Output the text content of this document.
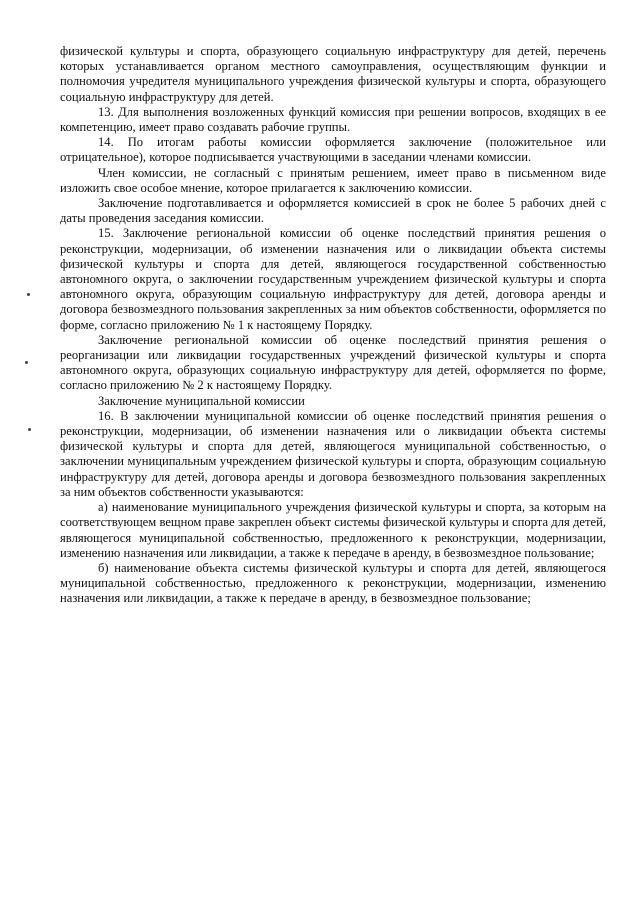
физической культуры и спорта, образующего социальную инфраструктуру для детей, перечень которых устанавливается органом местного самоуправления, осуществляющим функции и полномочия учредителя муниципального учреждения физической культуры и спорта, образующего социальную инфраструктуру для детей.

13. Для выполнения возложенных функций комиссия при решении вопросов, входящих в ее компетенцию, имеет право создавать рабочие группы.

14. По итогам работы комиссии оформляется заключение (положительное или отрицательное), которое подписывается участвующими в заседании членами комиссии.

Член комиссии, не согласный с принятым решением, имеет право в письменном виде изложить свое особое мнение, которое прилагается к заключению комиссии.

Заключение подготавливается и оформляется комиссией в срок не более 5 рабочих дней с даты проведения заседания комиссии.

15. Заключение региональной комиссии об оценке последствий принятия решения о реконструкции, модернизации, об изменении назначения или о ликвидации объекта системы физической культуры и спорта для детей, являющегося государственной собственностью автономного округа, о заключении государственным учреждением физической культуры и спорта автономного округа, образующим социальную инфраструктуру для детей, договора аренды и договора безвозмездного пользования закрепленных за ним объектов собственности, оформляется по форме, согласно приложению № 1 к настоящему Порядку.

Заключение региональной комиссии об оценке последствий принятия решения о реорганизации или ликвидации государственных учреждений физической культуры и спорта автономного округа, образующих социальную инфраструктуру для детей, оформляется по форме, согласно приложению № 2 к настоящему Порядку.

Заключение муниципальной комиссии

16. В заключении муниципальной комиссии об оценке последствий принятия решения о реконструкции, модернизации, об изменении назначения или о ликвидации объекта системы физической культуры и спорта для детей, являющегося муниципальной собственностью, о заключении муниципальным учреждением физической культуры и спорта, образующим социальную инфраструктуру для детей, договора аренды и договора безвозмездного пользования закрепленных за ним объектов собственности указываются:

а) наименование муниципального учреждения физической культуры и спорта, за которым на соответствующем вещном праве закреплен объект системы физической культуры и спорта для детей, являющегося муниципальной собственностью, предложенного к реконструкции, модернизации, изменению назначения или ликвидации, а также к передаче в аренду, в безвозмездное пользование;

б) наименование объекта системы физической культуры и спорта для детей, являющегося муниципальной собственностью, предложенного к реконструкции, модернизации, изменению назначения или ликвидации, а также к передаче в аренду, в безвозмездное пользование;
